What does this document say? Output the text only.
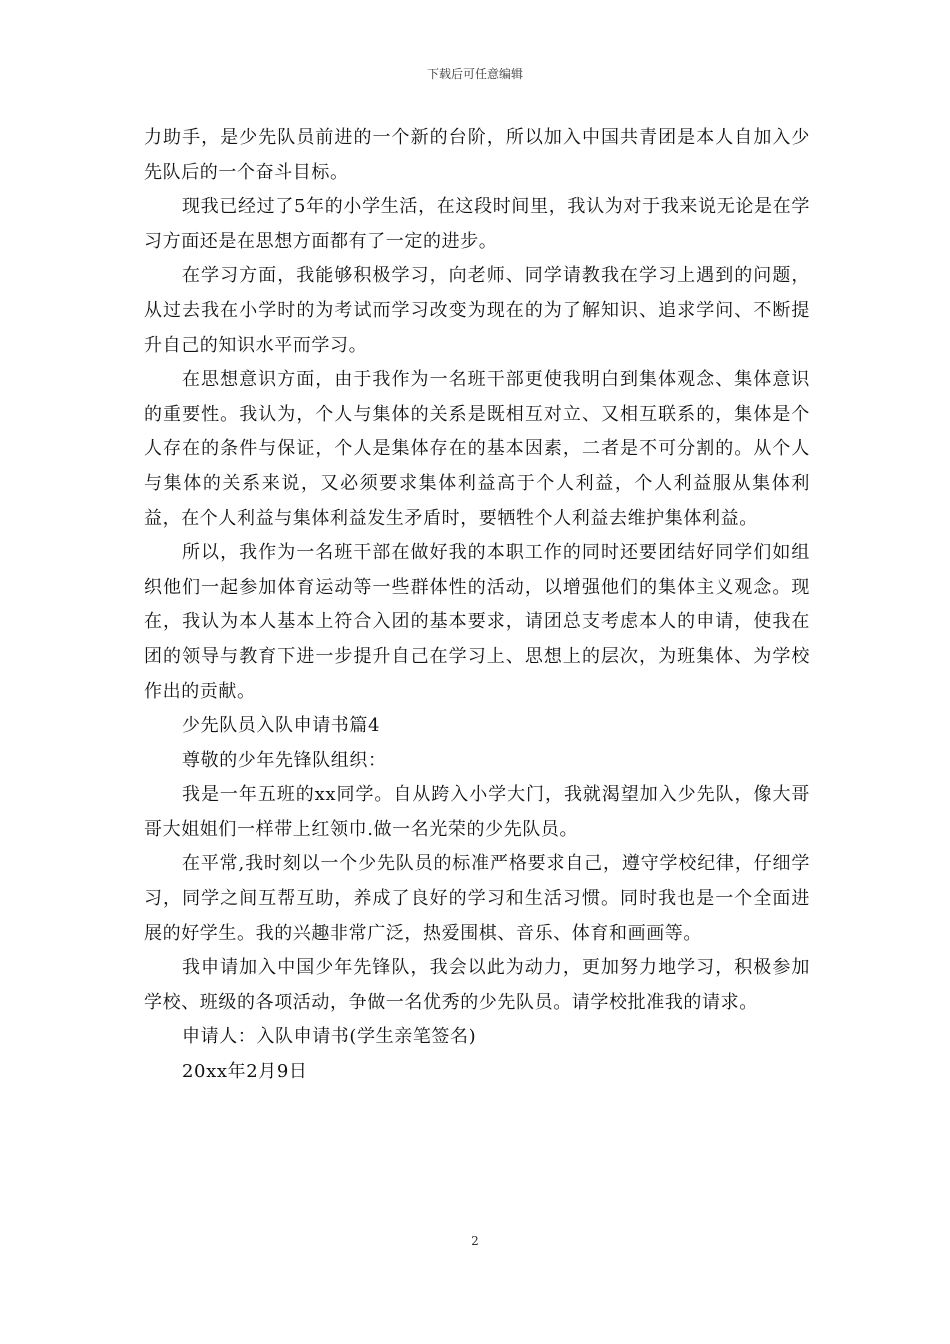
下载后可任意编辑

力助手，是少先队员前进的一个新的台阶，所以加入中国共青团是本人自加入少先队后的一个奋斗目标。

现我已经过了5年的小学生活，在这段时间里，我认为对于我来说无论是在学习方面还是在思想方面都有了一定的进步。

在学习方面，我能够积极学习，向老师、同学请教我在学习上遇到的问题，从过去我在小学时的为考试而学习改变为现在的为了解知识、追求学问、不断提升自己的知识水平而学习。

在思想意识方面，由于我作为一名班干部更使我明白到集体观念、集体意识的重要性。我认为，个人与集体的关系是既相互对立、又相互联系的，集体是个人存在的条件与保证，个人是集体存在的基本因素，二者是不可分割的。从个人与集体的关系来说，又必须要求集体利益高于个人利益，个人利益服从集体利益，在个人利益与集体利益发生矛盾时，要牺牲个人利益去维护集体利益。

所以，我作为一名班干部在做好我的本职工作的同时还要团结好同学们如组织他们一起参加体育运动等一些群体性的活动，以增强他们的集体主义观念。现在，我认为本人基本上符合入团的基本要求，请团总支考虑本人的申请，使我在团的领导与教育下进一步提升自己在学习上、思想上的层次，为班集体、为学校作出的贡献。

少先队员入队申请书篇4

尊敬的少年先锋队组织：

我是一年五班的xx同学。自从跨入小学大门，我就渴望加入少先队，像大哥哥大姐姐们一样带上红领巾.做一名光荣的少先队员。

在平常,我时刻以一个少先队员的标准严格要求自己，遵守学校纪律，仔细学习，同学之间互帮互助，养成了良好的学习和生活习惯。同时我也是一个全面进展的好学生。我的兴趣非常广泛，热爱围棋、音乐、体育和画画等。

我申请加入中国少年先锋队，我会以此为动力，更加努力地学习，积极参加学校、班级的各项活动，争做一名优秀的少先队员。请学校批准我的请求。

申请人：入队申请书(学生亲笔签名)

20xx年2月9日

2
